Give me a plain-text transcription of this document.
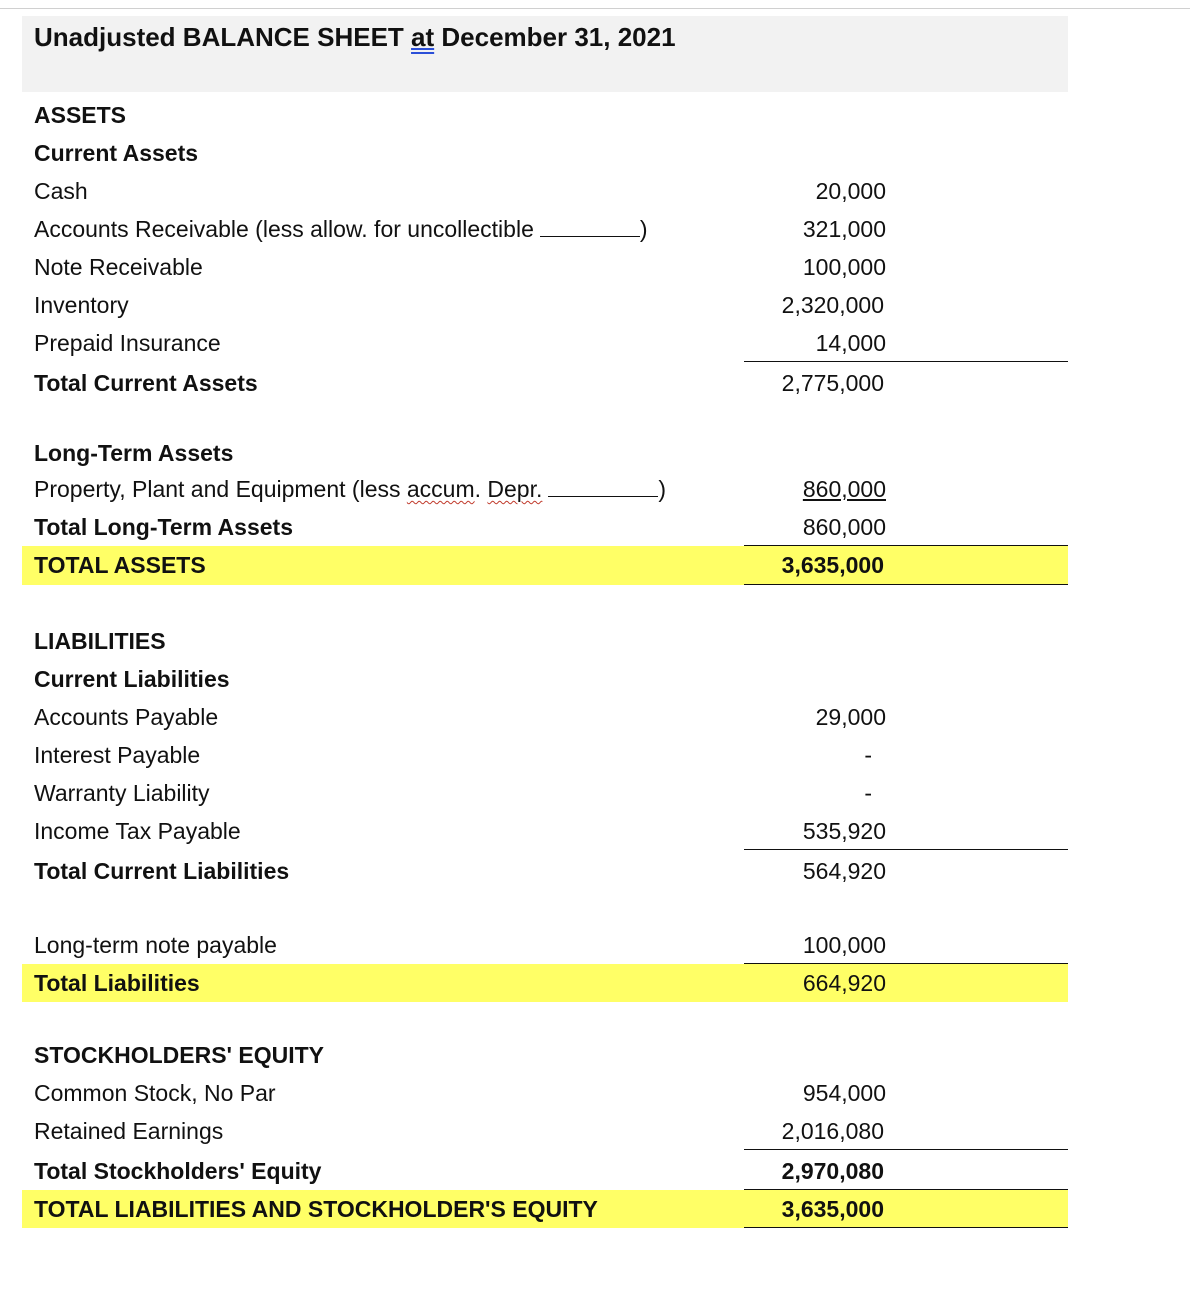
Unadjusted BALANCE SHEET at December 31, 2021
ASSETS
Current Assets
Cash	20,000
Accounts Receivable (less allow. for uncollectible	)	321,000
Note Receivable	100,000
Inventory	2,320,000
Prepaid Insurance	14,000
Total Current Assets	2,775,000
Long-Term Assets
Property, Plant and Equipment (less accum. Depr.	)	860,000
Total Long-Term Assets	860,000
TOTAL ASSETS	3,635,000
LIABILITIES
Current Liabilities
Accounts Payable	29,000
Interest Payable	-
Warranty Liability	-
Income Tax Payable	535,920
Total Current Liabilities	564,920
Long-term note payable	100,000
Total Liabilities	664,920
STOCKHOLDERS' EQUITY
Common Stock, No Par	954,000
Retained Earnings	2,016,080
Total Stockholders' Equity	2,970,080
TOTAL LIABILITIES AND STOCKHOLDER'S EQUITY	3,635,000
